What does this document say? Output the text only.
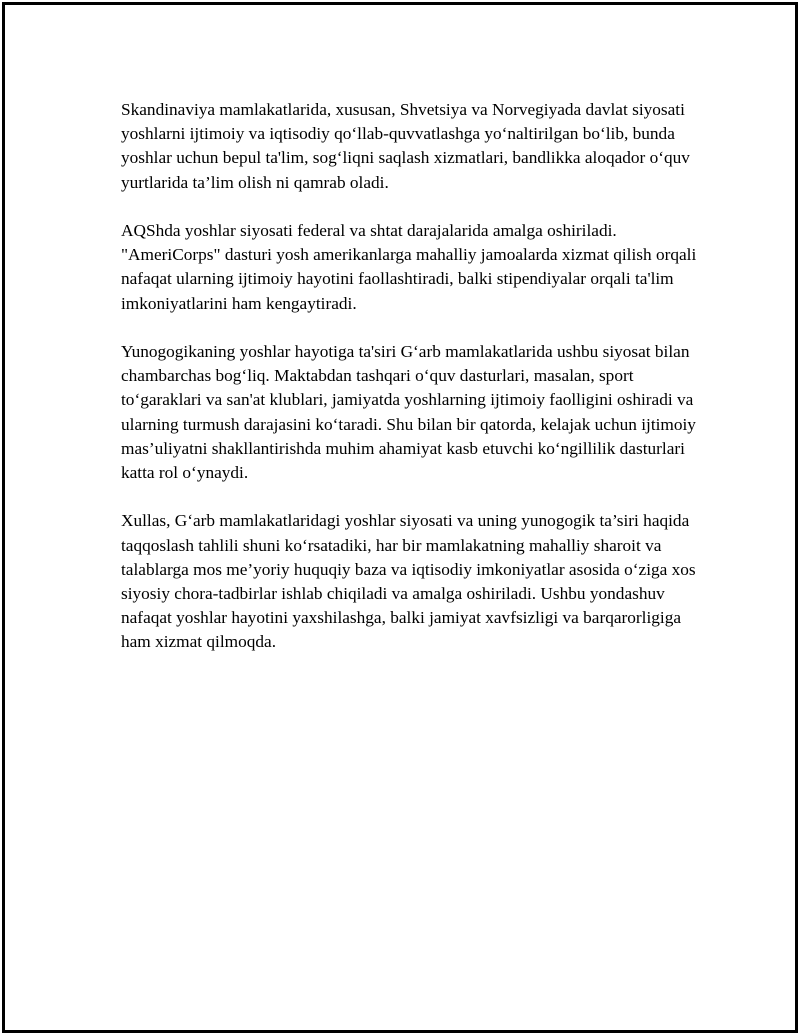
Skandinaviya mamlakatlarida, xususan, Shvetsiya va Norvegiyada davlat siyosati yoshlarni ijtimoiy va iqtisodiy qo‘llab-quvvatlashga yo‘naltirilgan bo‘lib, bunda yoshlar uchun bepul ta'lim, sog‘liqni saqlash xizmatlari, bandlikka aloqador o‘quv yurtlarida ta’lim olish ni qamrab oladi.

AQShda yoshlar siyosati federal va shtat darajalarida amalga oshiriladi. "AmeriCorps" dasturi yosh amerikanlarga mahalliy jamoalarda xizmat qilish orqali nafaqat ularning ijtimoiy hayotini faollashtiradi, balki stipendiyalar orqali ta'lim imkoniyatlarini ham kengaytiradi.

Yunogogikaning yoshlar hayotiga ta'siri G‘arb mamlakatlarida ushbu siyosat bilan chambarchas bog‘liq. Maktabdan tashqari o‘quv dasturlari, masalan, sport to‘garaklari va san'at klublari, jamiyatda yoshlarning ijtimoiy faolligini oshiradi va ularning turmush darajasini ko‘taradi. Shu bilan bir qatorda, kelajak uchun ijtimoiy mas’uliyatni shakllantirishda muhim ahamiyat kasb etuvchi ko‘ngillilik dasturlari katta rol o‘ynaydi.

Xullas, G‘arb mamlakatlaridagi yoshlar siyosati va uning yunogogik ta’siri haqida taqqoslash tahlili shuni ko‘rsatadiki, har bir mamlakatning mahalliy sharoit va talablarga mos me’yoriy huquqiy baza va iqtisodiy imkoniyatlar asosida o‘ziga xos siyosiy chora-tadbirlar ishlab chiqiladi va amalga oshiriladi. Ushbu yondashuv nafaqat yoshlar hayotini yaxshilashga, balki jamiyat xavfsizligi va barqarorligiga ham xizmat qilmoqda.
